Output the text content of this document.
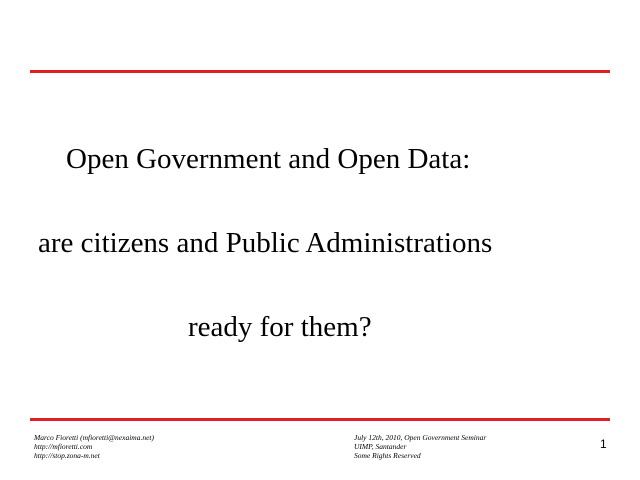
Open Government and Open Data:
are citizens and Public Administrations
ready for them?
Marco Fioretti (mfioretti@nexaima.net)
http://mfioretti.com
http://stop.zona-m.net
July 12th, 2010, Open Government Seminar
UIMP, Santander
Some Rights Reserved
1
